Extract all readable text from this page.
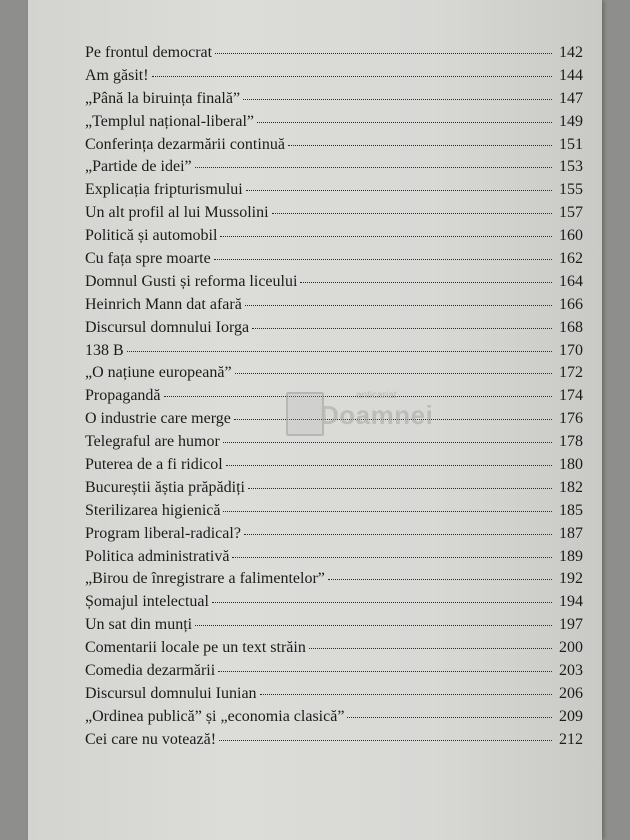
Pe frontul democrat	142
Am găsit!	144
„Până la biruința finală”	147
„Templul național-liberal”	149
Conferința dezarmării continuă	151
„Partide de idei”	153
Explicația fripturismului	155
Un alt profil al lui Mussolini	157
Politică și automobil	160
Cu fața spre moarte	162
Domnul Gusti și reforma liceului	164
Heinrich Mann dat afară	166
Discursul domnului Iorga	168
138 B	170
„O națiune europeană”	172
Propagandă	174
O industrie care merge	176
Telegraful are humor	178
Puterea de a fi ridicol	180
Bucureștii ăștia prăpădiți	182
Sterilizarea higienică	185
Program liberal-radical?	187
Politica administrativă	189
„Birou de înregistrare a falimentelor”	192
Șomajul intelectual	194
Un sat din munți	197
Comentarii locale pe un text străin	200
Comedia dezarmării	203
Discursul domnului Iunian	206
„Ordinea publică” și „economia clasică”	209
Cei care nu votează!	212
anticariat
Doamnei
